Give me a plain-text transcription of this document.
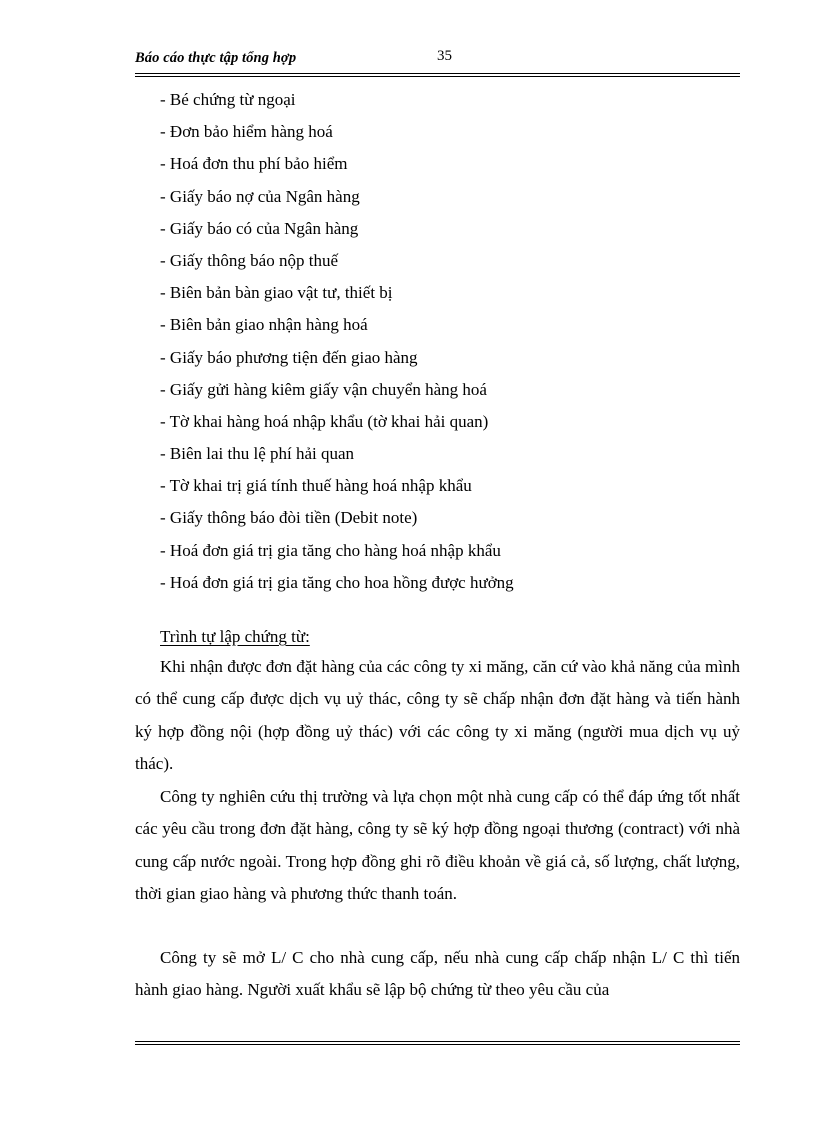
Báo cáo thực tập tổng hợp	35
- Bé chứng từ ngoại
- Đơn bảo hiểm hàng hoá
- Hoá đơn thu phí bảo hiểm
- Giấy báo nợ của Ngân hàng
- Giấy báo có của Ngân hàng
- Giấy thông báo nộp thuế
- Biên bản bàn giao vật tư, thiết bị
- Biên bản giao nhận hàng hoá
- Giấy báo phương tiện đến giao hàng
- Giấy gửi hàng kiêm giấy vận chuyển hàng hoá
- Tờ khai hàng hoá nhập khẩu (tờ khai hải quan)
- Biên lai thu lệ phí hải quan
- Tờ khai trị giá tính thuế hàng hoá nhập khẩu
- Giấy thông báo đòi tiền (Debit note)
- Hoá đơn giá trị gia tăng cho hàng hoá nhập khẩu
- Hoá đơn giá trị gia tăng cho hoa hồng được hưởng
Trình tự lập chứng từ:

Khi nhận được đơn đặt hàng của các công ty xi măng, căn cứ vào khả năng của mình có thể cung cấp được dịch vụ uỷ thác, công ty sẽ chấp nhận đơn đặt hàng và tiến hành ký hợp đồng nội (hợp đồng uỷ thác) với các công ty xi măng (người mua dịch vụ uỷ thác).

Công ty nghiên cứu thị trường và lựa chọn một nhà cung cấp có thể đáp ứng tốt nhất các yêu cầu trong đơn đặt hàng, công ty sẽ ký hợp đồng ngoại thương (contract) với nhà cung cấp nước ngoài. Trong hợp đồng ghi rõ điều khoản về giá cả, số lượng, chất lượng, thời gian giao hàng và phương thức thanh toán.

Công ty sẽ mở L/ C cho nhà cung cấp, nếu nhà cung cấp chấp nhận L/ C thì tiến hành giao hàng. Người xuất khẩu sẽ lập bộ chứng từ theo yêu cầu của
